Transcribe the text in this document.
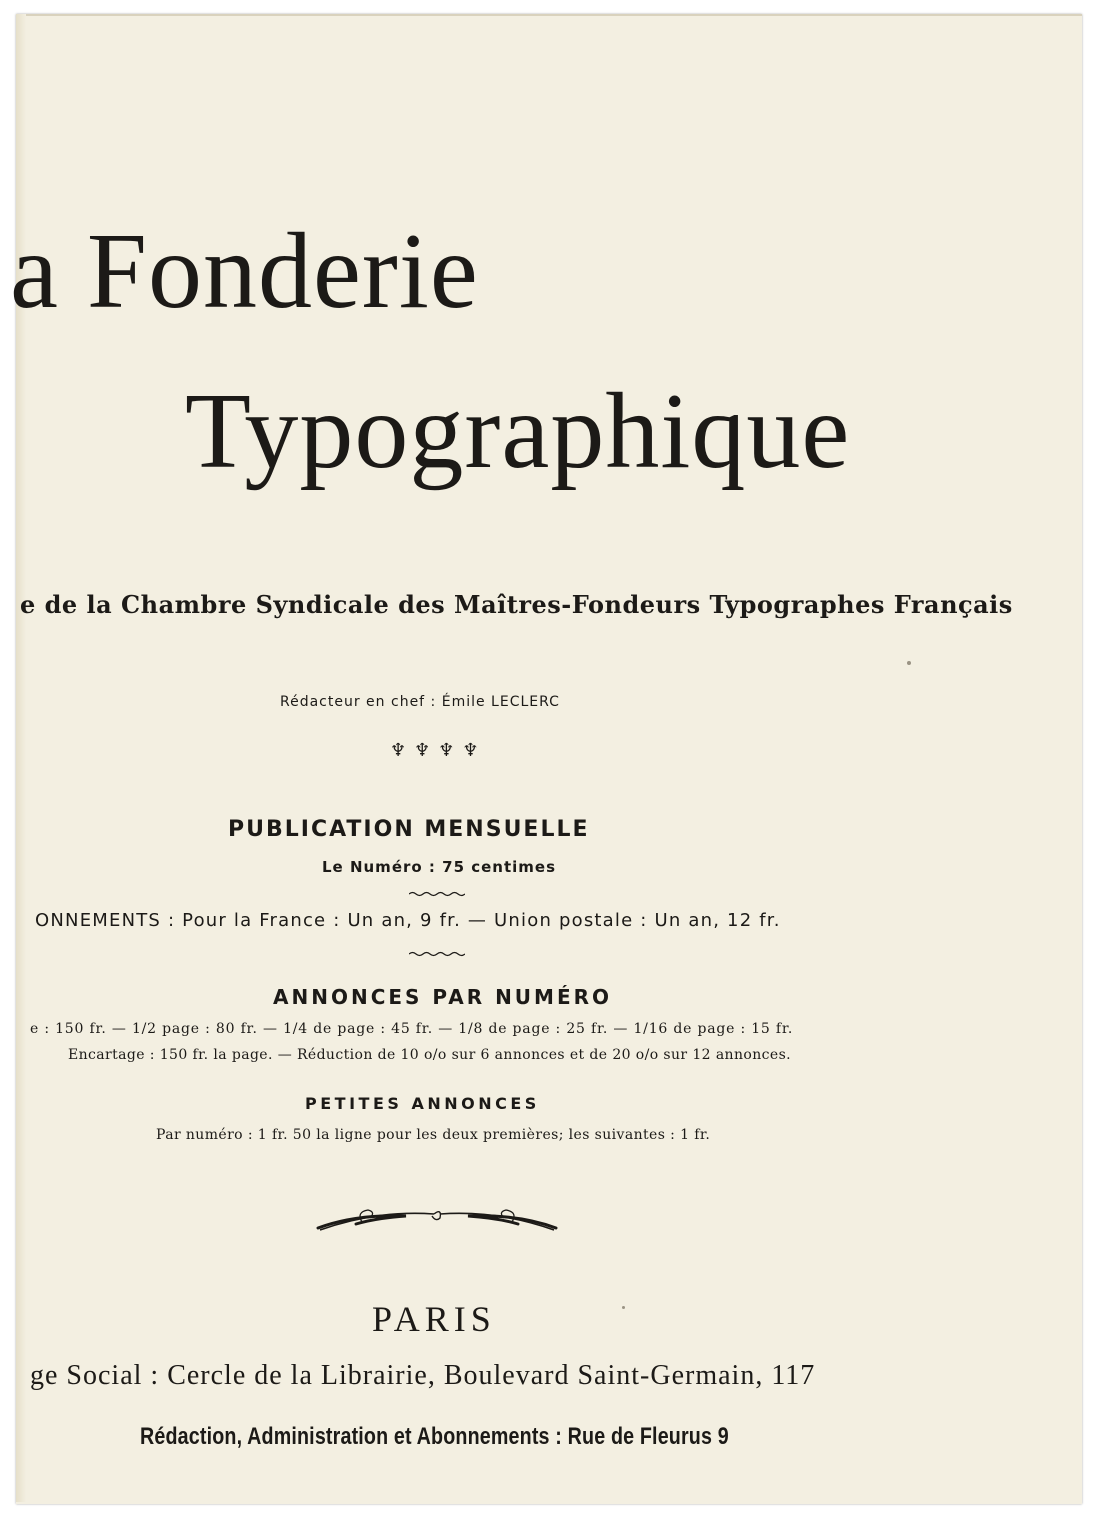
a Fonderie
Typographique
e de la Chambre Syndicale des Maîtres-Fondeurs Typographes Français
Rédacteur en chef : Émile LECLERC
♆♆♆♆
PUBLICATION MENSUELLE
Le Numéro : 75 centimes
ONNEMENTS : Pour la France : Un an, 9 fr. — Union postale : Un an, 12 fr.
ANNONCES PAR NUMÉRO
e : 150 fr. — 1/2 page : 80 fr. — 1/4 de page : 45 fr. — 1/8 de page : 25 fr. — 1/16 de page : 15 fr.
Encartage : 150 fr. la page. — Réduction de 10 o/o sur 6 annonces et de 20 o/o sur 12 annonces.
PETITES ANNONCES
Par numéro : 1 fr. 50 la ligne pour les deux premières; les suivantes : 1 fr.
PARIS
ge Social : Cercle de la Librairie, Boulevard Saint-Germain, 117
Rédaction, Administration et Abonnements : Rue de Fleurus 9
